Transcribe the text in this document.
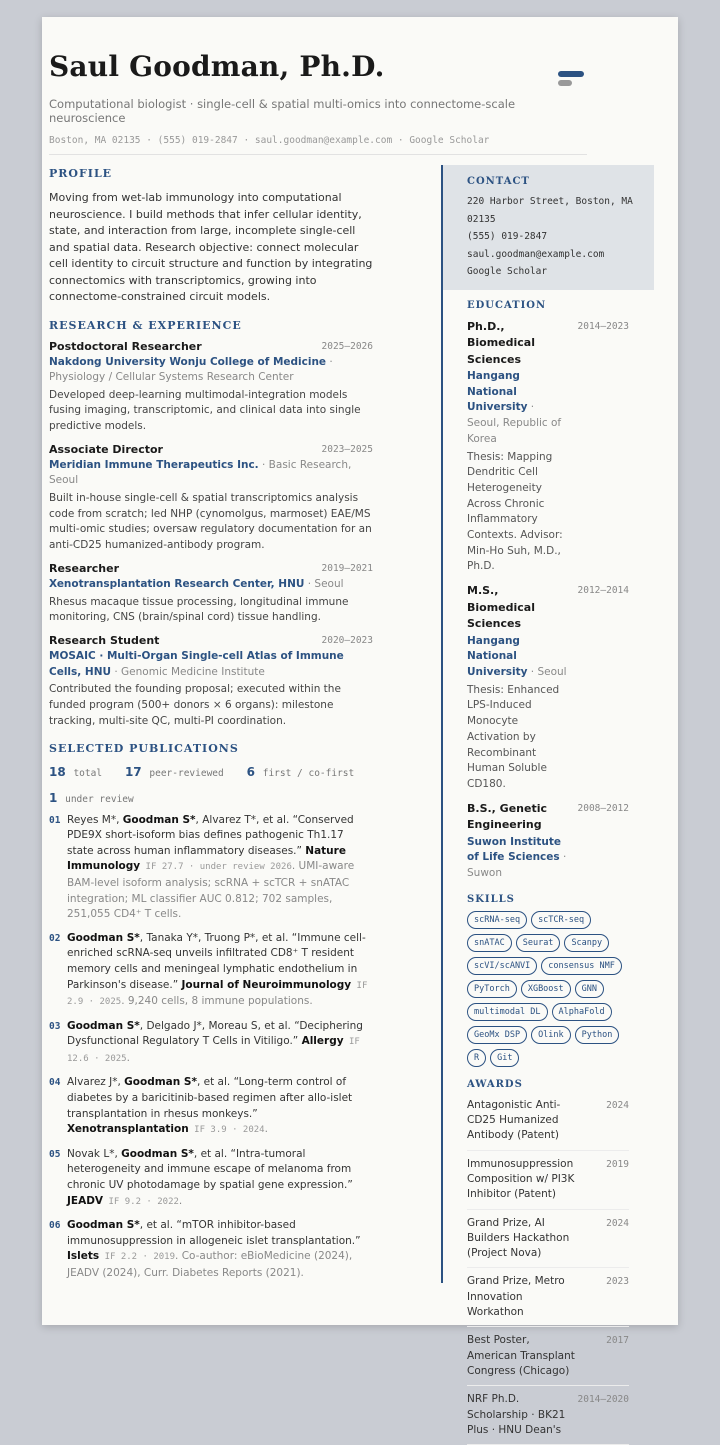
Saul Goodman, Ph.D.
Computational biologist · single-cell & spatial multi-omics into connectome-scale neuroscience
Boston, MA 02135 · (555) 019-2847 · saul.goodman@example.com · Google Scholar
PROFILE
Moving from wet-lab immunology into computational neuroscience. I build methods that infer cellular identity, state, and interaction from large, incomplete single-cell and spatial data. Research objective: connect molecular cell identity to circuit structure and function by integrating connectomics with transcriptomics, growing into connectome-constrained circuit models.
RESEARCH & EXPERIENCE
Postdoctoral Researcher	2025–2026
Nakdong University Wonju College of Medicine · Physiology / Cellular Systems Research Center
Developed deep-learning multimodal-integration models fusing imaging, transcriptomic, and clinical data into single predictive models.
Associate Director	2023–2025
Meridian Immune Therapeutics Inc. · Basic Research, Seoul
Built in-house single-cell & spatial transcriptomics analysis code from scratch; led NHP (cynomolgus, marmoset) EAE/MS multi-omic studies; oversaw regulatory documentation for an anti-CD25 humanized-antibody program.
Researcher	2019–2021
Xenotransplantation Research Center, HNU · Seoul
Rhesus macaque tissue processing, longitudinal immune monitoring, CNS (brain/spinal cord) tissue handling.
Research Student	2020–2023
MOSAIC · Multi-Organ Single-cell Atlas of Immune Cells, HNU · Genomic Medicine Institute
Contributed the founding proposal; executed within the funded program (500+ donors × 6 organs): milestone tracking, multi-site QC, multi-PI coordination.
SELECTED PUBLICATIONS
18 total 17 peer-reviewed 6 first / co-first
1 under review
01 Reyes M*, Goodman S*, Alvarez T*, et al. “Conserved PDE9X short-isoform bias defines pathogenic Th1.17 state across human inflammatory diseases.” Nature Immunology IF 27.7 · under review 2026. UMI-aware BAM-level isoform analysis; scRNA + scTCR + snATAC integration; ML classifier AUC 0.812; 702 samples, 251,055 CD4⁺ T cells.
02 Goodman S*, Tanaka Y*, Truong P*, et al. “Immune cell-enriched scRNA-seq unveils infiltrated CD8⁺ T resident memory cells and meningeal lymphatic endothelium in Parkinson's disease.” Journal of Neuroimmunology IF 2.9 · 2025. 9,240 cells, 8 immune populations.
03 Goodman S*, Delgado J*, Moreau S, et al. “Deciphering Dysfunctional Regulatory T Cells in Vitiligo.” Allergy IF 12.6 · 2025.
04 Alvarez J*, Goodman S*, et al. “Long-term control of diabetes by a baricitinib-based regimen after allo-islet transplantation in rhesus monkeys.” Xenotransplantation IF 3.9 · 2024.
05 Novak L*, Goodman S*, et al. “Intra-tumoral heterogeneity and immune escape of melanoma from chronic UV photodamage by spatial gene expression.” JEADV IF 9.2 · 2022.
06 Goodman S*, et al. “mTOR inhibitor-based immunosuppression in allogeneic islet transplantation.” Islets IF 2.2 · 2019. Co-author: eBioMedicine (2024), JEADV (2024), Curr. Diabetes Reports (2021).
CONTACT
220 Harbor Street, Boston, MA 02135
(555) 019-2847
saul.goodman@example.com
Google Scholar
EDUCATION
Ph.D., Biomedical Sciences
2014–2023
Hangang National University · Seoul, Republic of Korea
Thesis: Mapping Dendritic Cell Heterogeneity Across Chronic Inflammatory Contexts. Advisor: Min-Ho Suh, M.D., Ph.D.
M.S., Biomedical Sciences
2012–2014
Hangang National University · Seoul
Thesis: Enhanced LPS-Induced Monocyte Activation by Recombinant Human Soluble CD180.
B.S., Genetic Engineering
2008–2012
Suwon Institute of Life Sciences · Suwon
SKILLS
scRNA-seq	scTCR-seq
snATAC	Seurat	Scanpy
scVI/scANVI	consensus NMF
PyTorch	XGBoost	GNN
multimodal DL	AlphaFold
GeoMx DSP	Olink	Python
R	Git
AWARDS
Antagonistic Anti-CD25 Humanized Antibody (Patent)
2024
Immunosuppression Composition w/ PI3K Inhibitor (Patent)
2019
Grand Prize, AI Builders Hackathon (Project Nova)
2024
Grand Prize, Metro Innovation Workathon
2023
Best Poster, American Transplant Congress (Chicago)
2017
NRF Ph.D. Scholarship · BK21 Plus · HNU Dean's
2014–2020
